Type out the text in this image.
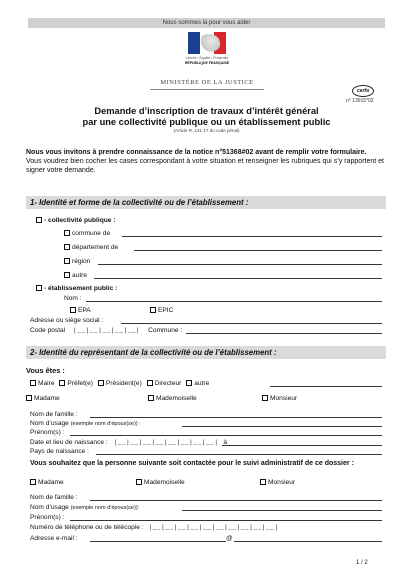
Nous sommes là pour vous aider
Liberté • Égalité • Fraternité
RÉPUBLIQUE FRANÇAISE
MINISTÈRE DE LA JUSTICE
cerfa
n° 13915*02
Demande d’inscription de travaux d’intérêt général
par une collectivité publique ou un établissement public
(Article R. 131-17 du code pénal)

Nous vous invitons à prendre connaissance de la notice n°51368#02 avant de remplir votre formulaire.

Vous voudrez bien cocher les cases correspondant à votre situation et renseigner les rubriques qui s’y rapportent et signer votre demande.

1- Identité et forme de la collectivité ou de l’établissement :
- collectivité publique :
commune de
département de
région
autre
- établissement public :
Nom :
EPA	EPIC
Adresse ou siège social :
Code postal |__|__|__|__|__| Commune :
2- Identité du représentant de la collectivité ou de l’établissement :
Vous êtes :
Maire Préfet(e) Président(e) Directeur autre
Madame	Mademoiselle	Monsieur
Nom de famille :
Nom d’usage (exemple nom d’époux(se)) :
Prénom(s) :
Date et lieu de naissance : |__|__|__|__|__|__|__|__| à
Pays de naissance :
Vous souhaitez que la personne suivante soit contactée pour le suivi administratif de ce dossier :
Madame	Mademoiselle	Monsieur
Nom de famille :
Nom d’usage (exemple nom d’époux(se)):
Prénom(s) :
Numéro de téléphone ou de télécopie : |__|__|__|__|__|__|__|__|__|__|
Adresse e-mail :	@
1 / 2
